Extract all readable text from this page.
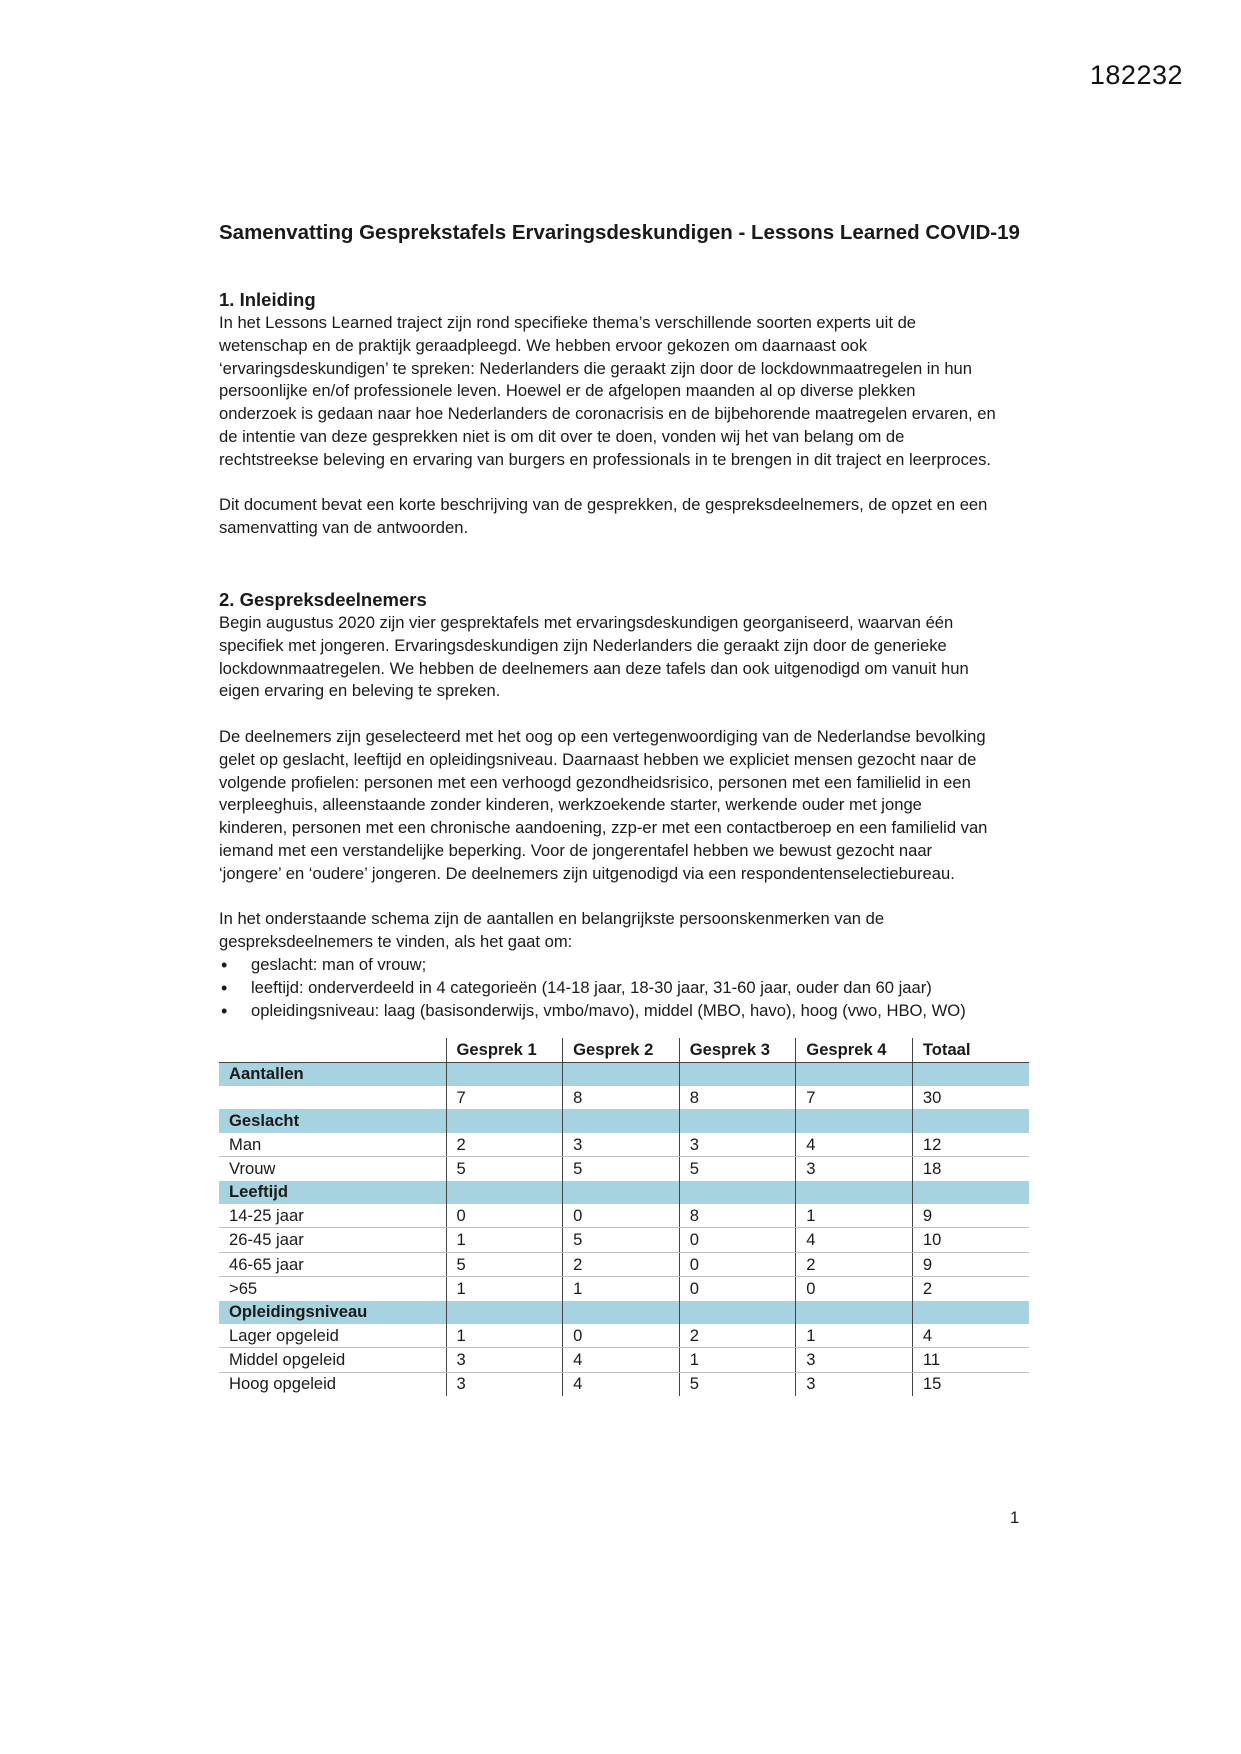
182232
Samenvatting Gesprekstafels Ervaringsdeskundigen - Lessons Learned COVID-19
1. Inleiding

In het Lessons Learned traject zijn rond specifieke thema’s verschillende soorten experts uit de
wetenschap en de praktijk geraadpleegd. We hebben ervoor gekozen om daarnaast ook
‘ervaringsdeskundigen’ te spreken: Nederlanders die geraakt zijn door de lockdownmaatregelen in hun
persoonlijke en/of professionele leven. Hoewel er de afgelopen maanden al op diverse plekken
onderzoek is gedaan naar hoe Nederlanders de coronacrisis en de bijbehorende maatregelen ervaren, en
de intentie van deze gesprekken niet is om dit over te doen, vonden wij het van belang om de
rechtstreekse beleving en ervaring van burgers en professionals in te brengen in dit traject en leerproces.

Dit document bevat een korte beschrijving van de gesprekken, de gespreksdeelnemers, de opzet en een
samenvatting van de antwoorden.

2. Gespreksdeelnemers

Begin augustus 2020 zijn vier gesprektafels met ervaringsdeskundigen georganiseerd, waarvan één
specifiek met jongeren. Ervaringsdeskundigen zijn Nederlanders die geraakt zijn door de generieke
lockdownmaatregelen. We hebben de deelnemers aan deze tafels dan ook uitgenodigd om vanuit hun
eigen ervaring en beleving te spreken.

De deelnemers zijn geselecteerd met het oog op een vertegenwoordiging van de Nederlandse bevolking
gelet op geslacht, leeftijd en opleidingsniveau. Daarnaast hebben we expliciet mensen gezocht naar de
volgende profielen: personen met een verhoogd gezondheidsrisico, personen met een familielid in een
verpleeghuis, alleenstaande zonder kinderen, werkzoekende starter, werkende ouder met jonge
kinderen, personen met een chronische aandoening, zzp-er met een contactberoep en een familielid van
iemand met een verstandelijke beperking. Voor de jongerentafel hebben we bewust gezocht naar
‘jongere’ en ‘oudere’ jongeren. De deelnemers zijn uitgenodigd via een respondentenselectiebureau.

In het onderstaande schema zijn de aantallen en belangrijkste persoonskenmerken van de
gespreksdeelnemers te vinden, als het gaat om:

• geslacht: man of vrouw;
• leeftijd: onderverdeeld in 4 categorieën (14-18 jaar, 18-30 jaar, 31-60 jaar, ouder dan 60 jaar)
• opleidingsniveau: laag (basisonderwijs, vmbo/mavo), middel (MBO, havo), hoog (vwo, HBO, WO)
	Gesprek 1	Gesprek 2	Gesprek 3	Gesprek 4	Totaal
Aantallen					
	7	8	8	7	30
Geslacht					
Man	2	3	3	4	12
Vrouw	5	5	5	3	18
Leeftijd					
14-25 jaar	0	0	8	1	9
26-45 jaar	1	5	0	4	10
46-65 jaar	5	2	0	2	9
>65	1	1	0	0	2
Opleidingsniveau					
Lager opgeleid	1	0	2	1	4
Middel opgeleid	3	4	1	3	11
Hoog opgeleid	3	4	5	3	15
1
